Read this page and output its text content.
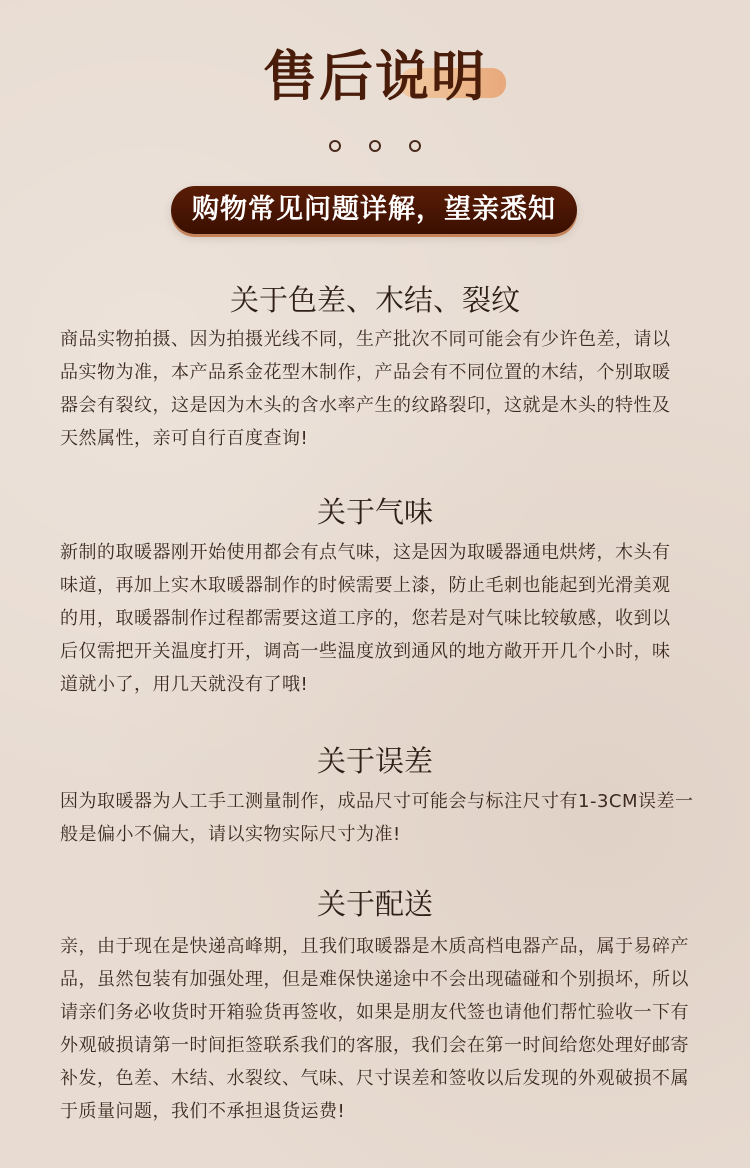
售后说明

购物常见问题详解，望亲悉知
关于色差、木结、裂纹
商品实物拍摄、因为拍摄光线不同，生产批次不同可能会有少许色差，请以
品实物为准，本产品系金花型木制作，产品会有不同位置的木结，个别取暖
器会有裂纹，这是因为木头的含水率产生的纹路裂印，这就是木头的特性及
天然属性，亲可自行百度查询!
关于气味
新制的取暖器刚开始使用都会有点气味，这是因为取暖器通电烘烤，木头有
味道，再加上实木取暖器制作的时候需要上漆，防止毛刺也能起到光滑美观
的用，取暖器制作过程都需要这道工序的，您若是对气味比较敏感，收到以
后仅需把开关温度打开，调高一些温度放到通风的地方敞开开几个小时，味
道就小了，用几天就没有了哦!
关于误差
因为取暖器为人工手工测量制作，成品尺寸可能会与标注尺寸有1-3CM误差一
般是偏小不偏大，请以实物实际尺寸为准!
关于配送
亲，由于现在是快递高峰期，且我们取暖器是木质高档电器产品，属于易碎产
品，虽然包装有加强处理，但是难保快递途中不会出现磕碰和个别损坏，所以
请亲们务必收货时开箱验货再签收，如果是朋友代签也请他们帮忙验收一下有
外观破损请第一时间拒签联系我们的客服，我们会在第一时间给您处理好邮寄
补发，色差、木结、水裂纹、气味、尺寸误差和签收以后发现的外观破损不属
于质量问题，我们不承担退货运费!
